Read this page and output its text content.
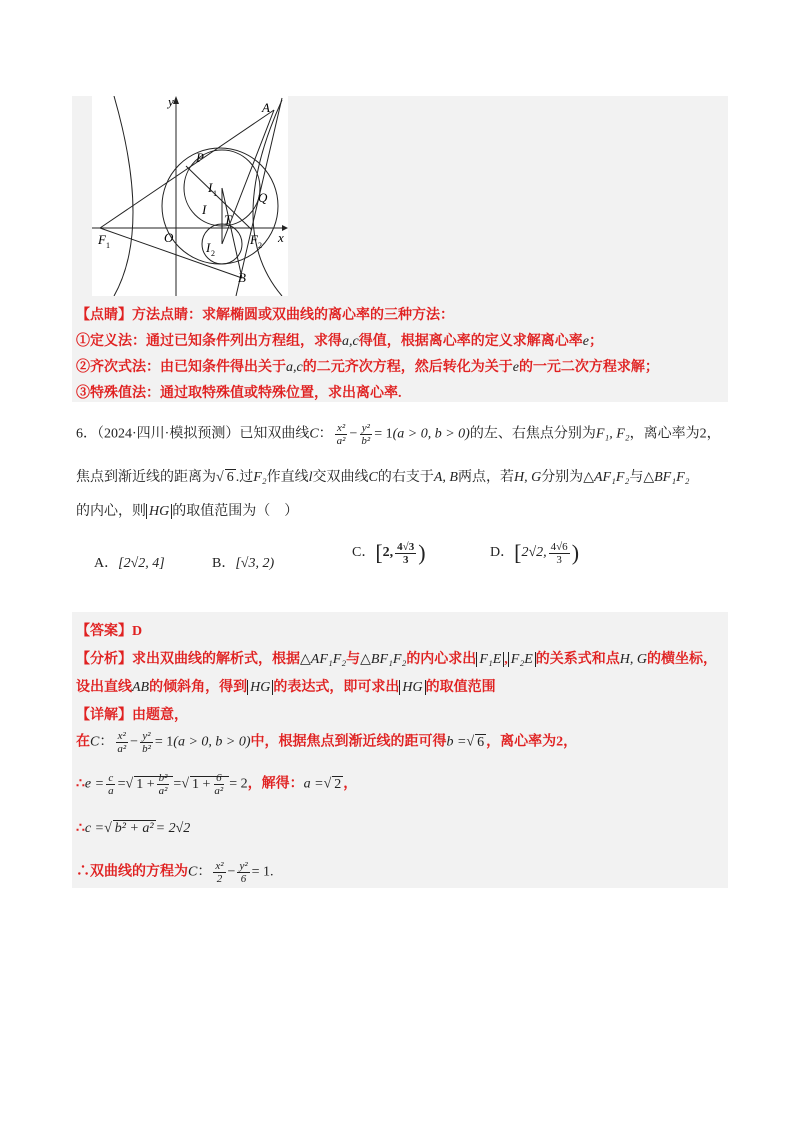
y
x
A
P
I 1
I
T
Q
F 1
O
I 2
F 2
B
【点睛】方法点睛：求解椭圆或双曲线的离心率的三种方法：
①定义法：通过已知条件列出方程组，求得a,c得值，根据离心率的定义求解离心率e；
②齐次式法：由已知条件得出关于a,c的二元齐次方程，然后转化为关于e的一元二次方程求解；
③特殊值法：通过取特殊值或特殊位置，求出离心率.
6．（2024·四川·模拟预测）已知双曲线C： $\frac{\text{x²}}{\text{a²}} - \frac{\text{y²}}{\text{b²}} = 1(a > 0$, b > 0)的左、右焦点分别为F₁, F₂，离心率为2，
焦点到渐近线的距离为√ 6 .过F₂作直线l交双曲线C的右支于A, B两点，若H, G分别为△AF₁F₂与△BF₁F₂
的内心，则 HG 的取值范围为（　）
A．[2√2, 4]	B．[√3, 2)
C．[2, $\frac{4√3}{3}$ )	D．[2√2, $\frac{4√6}{3}$ )
【答案】D
【分析】求出双曲线的解析式，根据△AF₁F₂与△BF₁F₂的内心求出 F₁E , F₂E 的关系式和点H, G的横坐标，
设出直线AB的倾斜角，得到 HG 的表达式，即可求出 HG 的取值范围
【详解】由题意，
在C： $\frac{\text{x²}}{\text{a²}} - \frac{\text{y²}}{\text{b²}} = 1(a > 0$, b > 0)中，根据焦点到渐近线的距可得b =√ 6 ，离心率为2，
∴e = $\frac{c}{a}$ =√ $1 + \frac{\text{b²}}{\text{a²}}$ =√ $1 + \frac{6}{\text{a²}} = 2$，解得：a =√ 2 ，
∴c =√ b² + a² = 2√2
∴双曲线的方程为C： $\frac{\text{x²}}{2} - \frac{\text{y²}}{6} = 1$.
